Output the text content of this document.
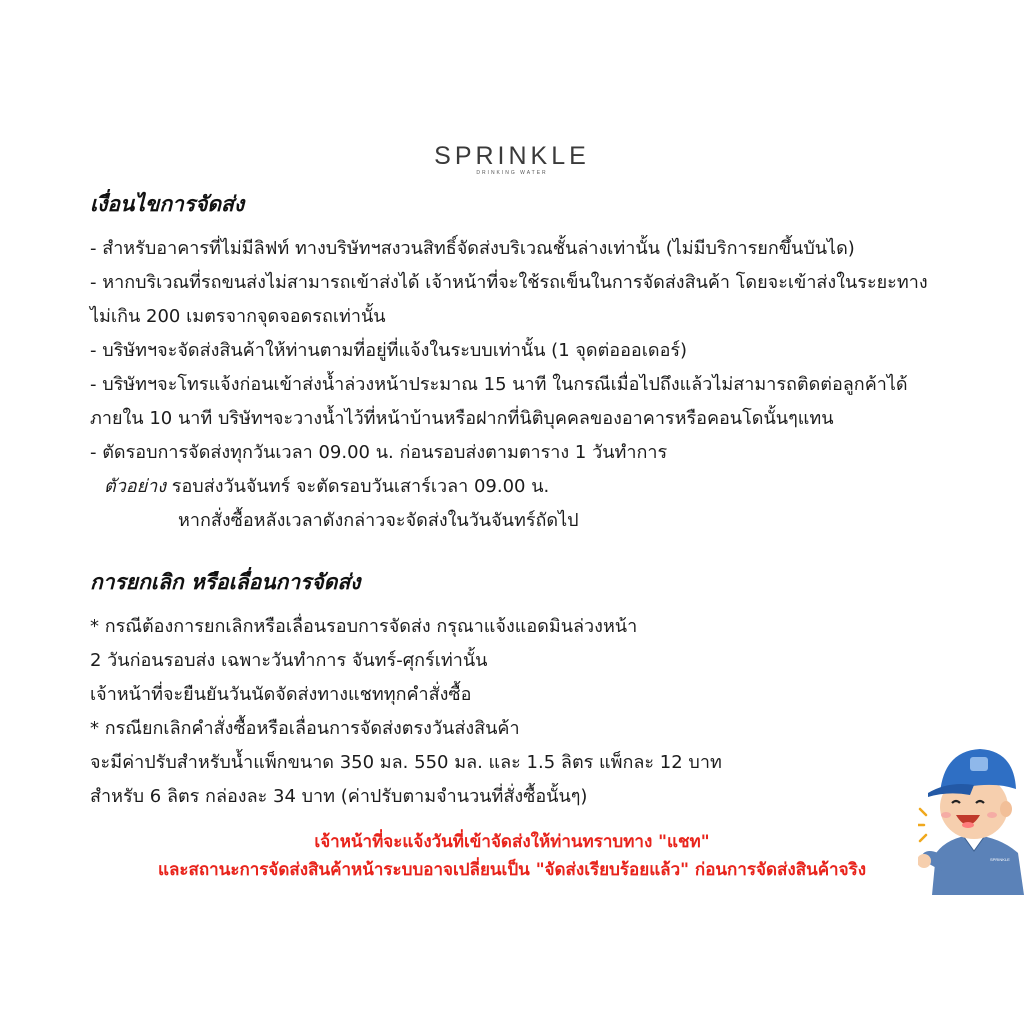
SPRINKLE
DRINKING WATER
เงื่อนไขการจัดส่ง
- สำหรับอาคารที่ไม่มีลิฟท์ ทางบริษัทฯสงวนสิทธิ์จัดส่งบริเวณชั้นล่างเท่านั้น (ไม่มีบริการยกขึ้นบันได)
- หากบริเวณที่รถขนส่งไม่สามารถเข้าส่งได้ เจ้าหน้าที่จะใช้รถเข็นในการจัดส่งสินค้า โดยจะเข้าส่งในระยะทาง
ไม่เกิน 200 เมตรจากจุดจอดรถเท่านั้น
- บริษัทฯจะจัดส่งสินค้าให้ท่านตามที่อยู่ที่แจ้งในระบบเท่านั้น (1 จุดต่อออเดอร์)
- บริษัทฯจะโทรแจ้งก่อนเข้าส่งน้ำล่วงหน้าประมาณ 15 นาที ในกรณีเมื่อไปถึงแล้วไม่สามารถติดต่อลูกค้าได้
ภายใน 10 นาที บริษัทฯจะวางน้ำไว้ที่หน้าบ้านหรือฝากที่นิติบุคคลของอาคารหรือคอนโดนั้นๆแทน
- ตัดรอบการจัดส่งทุกวันเวลา 09.00 น. ก่อนรอบส่งตามตาราง 1 วันทำการ
ตัวอย่าง รอบส่งวันจันทร์ จะตัดรอบวันเสาร์เวลา 09.00 น.
หากสั่งซื้อหลังเวลาดังกล่าวจะจัดส่งในวันจันทร์ถัดไป
การยกเลิก หรือเลื่อนการจัดส่ง
* กรณีต้องการยกเลิกหรือเลื่อนรอบการจัดส่ง กรุณาแจ้งแอดมินล่วงหน้า
2 วันก่อนรอบส่ง เฉพาะวันทำการ จันทร์-ศุกร์เท่านั้น
เจ้าหน้าที่จะยืนยันวันนัดจัดส่งทางแชททุกคำสั่งซื้อ
* กรณียกเลิกคำสั่งซื้อหรือเลื่อนการจัดส่งตรงวันส่งสินค้า
จะมีค่าปรับสำหรับน้ำแพ็กขนาด 350 มล. 550 มล. และ 1.5 ลิตร แพ็กละ 12 บาท
สำหรับ 6 ลิตร กล่องละ 34 บาท (ค่าปรับตามจำนวนที่สั่งซื้อนั้นๆ)
เจ้าหน้าที่จะแจ้งวันที่เข้าจัดส่งให้ท่านทราบทาง "แชท"
และสถานะการจัดส่งสินค้าหน้าระบบอาจเปลี่ยนเป็น "จัดส่งเรียบร้อยแล้ว" ก่อนการจัดส่งสินค้าจริง
SPRINKLE
